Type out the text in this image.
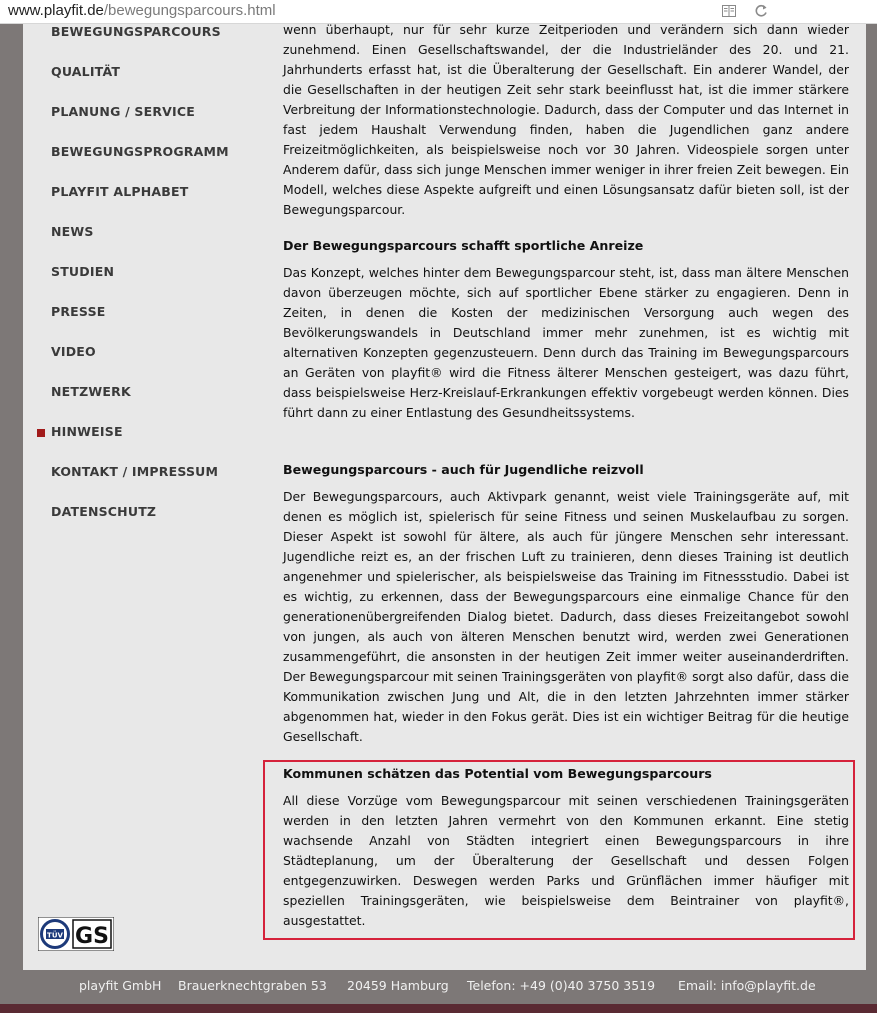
www.playfit.de/bewegungsparcours.html
BEWEGUNGSPARCOURS
QUALITÄT
PLANUNG / SERVICE
BEWEGUNGSPROGRAMM
PLAYFIT ALPHABET
NEWS
STUDIEN
PRESSE
VIDEO
NETZWERK
HINWEISE
KONTAKT / IMPRESSUM
DATENSCHUTZ

wenn überhaupt, nur für sehr kurze Zeitperioden und verändern sich dann wieder zunehmend. Einen Gesellschaftswandel, der die Industrieländer des 20. und 21. Jahrhunderts erfasst hat, ist die Überalterung der Gesellschaft. Ein anderer Wandel, der die Gesellschaften in der heutigen Zeit sehr stark beeinflusst hat, ist die immer stärkere Verbreitung der Informationstechnologie. Dadurch, dass der Computer und das Internet in fast jedem Haushalt Verwendung finden, haben die Jugendlichen ganz andere Freizeitmöglichkeiten, als beispielsweise noch vor 30 Jahren. Videospiele sorgen unter Anderem dafür, dass sich junge Menschen immer weniger in ihrer freien Zeit bewegen. Ein Modell, welches diese Aspekte aufgreift und einen Lösungsansatz dafür bieten soll, ist der Bewegungsparcour.

Der Bewegungsparcours schafft sportliche Anreize

Das Konzept, welches hinter dem Bewegungsparcour steht, ist, dass man ältere Menschen davon überzeugen möchte, sich auf sportlicher Ebene stärker zu engagieren. Denn in Zeiten, in denen die Kosten der medizinischen Versorgung auch wegen des Bevölkerungswandels in Deutschland immer mehr zunehmen, ist es wichtig mit alternativen Konzepten gegenzusteuern. Denn durch das Training im Bewegungsparcours an Geräten von playfit® wird die Fitness älterer Menschen gesteigert, was dazu führt, dass beispielsweise Herz-Kreislauf-Erkrankungen effektiv vorgebeugt werden können. Dies führt dann zu einer Entlastung des Gesundheitssystems.

Bewegungsparcours - auch für Jugendliche reizvoll

Der Bewegungsparcours, auch Aktivpark genannt, weist viele Trainingsgeräte auf, mit denen es möglich ist, spielerisch für seine Fitness und seinen Muskelaufbau zu sorgen. Dieser Aspekt ist sowohl für ältere, als auch für jüngere Menschen sehr interessant. Jugendliche reizt es, an der frischen Luft zu trainieren, denn dieses Training ist deutlich angenehmer und spielerischer, als beispielsweise das Training im Fitnessstudio. Dabei ist es wichtig, zu erkennen, dass der Bewegungsparcours eine einmalige Chance für den generationenübergreifenden Dialog bietet. Dadurch, dass dieses Freizeitangebot sowohl von jungen, als auch von älteren Menschen benutzt wird, werden zwei Generationen zusammengeführt, die ansonsten in der heutigen Zeit immer weiter auseinanderdriften. Der Bewegungsparcour mit seinen Trainingsgeräten von playfit® sorgt also dafür, dass die Kommunikation zwischen Jung und Alt, die in den letzten Jahrzehnten immer stärker abgenommen hat, wieder in den Fokus gerät. Dies ist ein wichtiger Beitrag für die heutige Gesellschaft.

Kommunen schätzen das Potential vom Bewegungsparcours

All diese Vorzüge vom Bewegungsparcour mit seinen verschiedenen Trainingsgeräten werden in den letzten Jahren vermehrt von den Kommunen erkannt. Eine stetig wachsende Anzahl von Städten integriert einen Bewegungsparcours in ihre Städteplanung, um der Überalterung der Gesellschaft und dessen Folgen entgegenzuwirken. Deswegen werden Parks und Grünflächen immer häufiger mit speziellen Trainingsgeräten, wie beispielsweise dem Beintrainer von playfit®, ausgestattet.

TÜV GS
playfit GmbH Brauerknechtgraben 53 20459 Hamburg Telefon: +49 (0)40 3750 3519 Email: info@playfit.de
